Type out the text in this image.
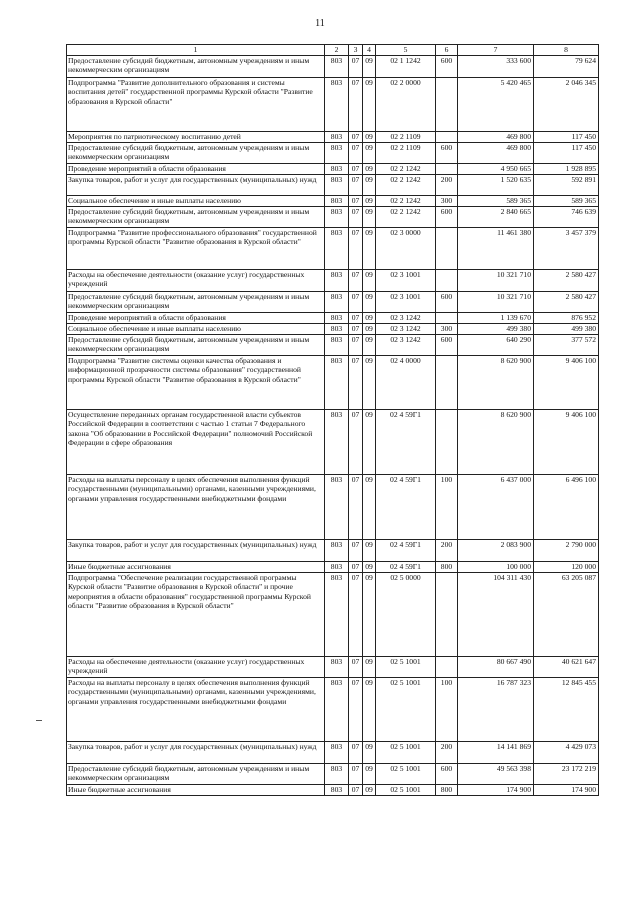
11
1	2	3	4	5	6	7	8
Предоставление субсидий бюджетным, автономным учреждениям и иным некоммерческим организациям	803	07	09	02 1 1242	600	333 600	79 624
Подпрограмма "Развитие дополнительного образования и системы воспитания детей" государственной программы Курской области "Развитие образования в Курской области"	803	07	09	02 2 0000		5 420 465	2 046 345
Мероприятия по патриотическому воспитанию детей	803	07	09	02 2 1109		469 800	117 450
Предоставление субсидий бюджетным, автономным учреждениям и иным некоммерческим организациям	803	07	09	02 2 1109	600	469 800	117 450
Проведение мероприятий в области образования	803	07	09	02 2 1242		4 950 665	1 928 895
Закупка товаров, работ и услуг для государственных (муниципальных) нужд	803	07	09	02 2 1242	200	1 520 635	592 891
Социальное обеспечение и иные выплаты населению	803	07	09	02 2 1242	300	589 365	589 365
Предоставление субсидий бюджетным, автономным учреждениям и иным некоммерческим организациям	803	07	09	02 2 1242	600	2 840 665	746 639
Подпрограмма "Развитие профессионального образования" государственной программы Курской области "Развитие образования в Курской области"	803	07	09	02 3 0000		11 461 380	3 457 379
Расходы на обеспечение деятельности (оказание услуг) государственных учреждений	803	07	09	02 3 1001		10 321 710	2 580 427
Предоставление субсидий бюджетным, автономным учреждениям и иным некоммерческим организациям	803	07	09	02 3 1001	600	10 321 710	2 580 427
Проведение мероприятий в области образования	803	07	09	02 3 1242		1 139 670	876 952
Социальное обеспечение и иные выплаты населению	803	07	09	02 3 1242	300	499 380	499 380
Предоставление субсидий бюджетным, автономным учреждениям и иным некоммерческим организациям	803	07	09	02 3 1242	600	640 290	377 572
Подпрограмма "Развитие системы оценки качества образования и информационной прозрачности системы образования" государственной программы Курской области "Развитие образования в Курской области"	803	07	09	02 4 0000		8 620 900	9 406 100
Осуществление переданных органам государственной власти субъектов Российской Федерации в соответствии с частью 1 статьи 7 Федерального закона "Об образовании в Российской Федерации" полномочий Российской Федерации в сфере образования	803	07	09	02 4 59Г1		8 620 900	9 406 100
Расходы на выплаты персоналу в целях обеспечения выполнения функций государственными (муниципальными) органами, казенными учреждениями, органами управления государственными внебюджетными фондами	803	07	09	02 4 59Г1	100	6 437 000	6 496 100
Закупка товаров, работ и услуг для государственных (муниципальных) нужд	803	07	09	02 4 59Г1	200	2 083 900	2 790 000
Иные бюджетные ассигнования	803	07	09	02 4 59Г1	800	100 000	120 000
Подпрограмма "Обеспечение реализации государственной программы Курской области "Развитие образования в Курской области" и прочие мероприятия в области образования" государственной программы Курской области "Развитие образования в Курской области"	803	07	09	02 5 0000		104 311 430	63 205 087
Расходы на обеспечение деятельности (оказание услуг) государственных учреждений	803	07	09	02 5 1001		80 667 490	40 621 647
Расходы на выплаты персоналу в целях обеспечения выполнения функций государственными (муниципальными) органами, казенными учреждениями, органами управления государственными внебюджетными фондами	803	07	09	02 5 1001	100	16 787 323	12 845 455
Закупка товаров, работ и услуг для государственных (муниципальных) нужд	803	07	09	02 5 1001	200	14 141 869	4 429 073
Предоставление субсидий бюджетным, автономным учреждениям и иным некоммерческим организациям	803	07	09	02 5 1001	600	49 563 398	23 172 219
Иные бюджетные ассигнования	803	07	09	02 5 1001	800	174 900	174 900
